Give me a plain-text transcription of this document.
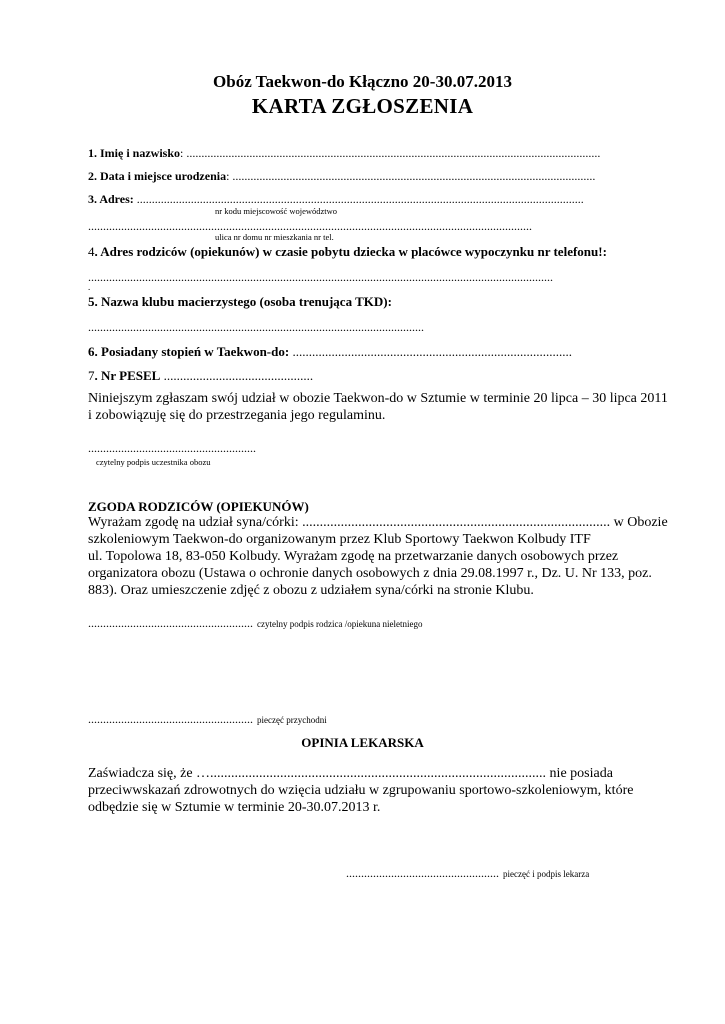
Obóz Taekwon-do Kłączno 20-30.07.2013
KARTA ZGŁOSZENIA
1. Imię i nazwisko: ..........................................................................................................................................
2. Data i miejsce urodzenia: .........................................................................................................................
3. Adres: .....................................................................................................................................................
nr kodu miejscowość województwo
....................................................................................................................................................
ulica nr domu nr mieszkania nr tel.
4. Adres rodziców (opiekunów) w czasie pobytu dziecka w placówce wypoczynku nr telefonu!:
...........................................................................................................................................................
.
5. Nazwa klubu macierzystego (osoba trenująca TKD):
................................................................................................................
6. Posiadany stopień w Taekwon-do: ......................................................................................
7. Nr PESEL ..............................................
Niniejszym zgłaszam swój udział w obozie Taekwon-do w Sztumie w terminie 20 lipca – 30 lipca 2011
i zobowiązuję się do przestrzegania jego regulaminu.
........................................................
czytelny podpis uczestnika obozu
ZGODA RODZICÓW (OPIEKUNÓW)
Wyrażam zgodę na udział syna/córki: ........................................................................................ w Obozie
szkoleniowym Taekwon-do organizowanym przez Klub Sportowy Taekwon Kolbudy ITF
ul. Topolowa 18, 83-050 Kolbudy. Wyrażam zgodę na przetwarzanie danych osobowych przez
organizatora obozu (Ustawa o ochronie danych osobowych z dnia 29.08.1997 r., Dz. U. Nr 133, poz.
883). Oraz umieszczenie zdjęć z obozu z udziałem syna/córki na stronie Klubu.
....................................................... czytelny podpis rodzica /opiekuna nieletniego
....................................................... pieczęć przychodni
OPINIA LEKARSKA
Zaświadcza się, że …................................................................................................ nie posiada
przeciwwskazań zdrowotnych do wzięcia udziału w zgrupowaniu sportowo-szkoleniowym, które
odbędzie się w Sztumie w terminie 20-30.07.2013 r.
................................................... pieczęć i podpis lekarza
